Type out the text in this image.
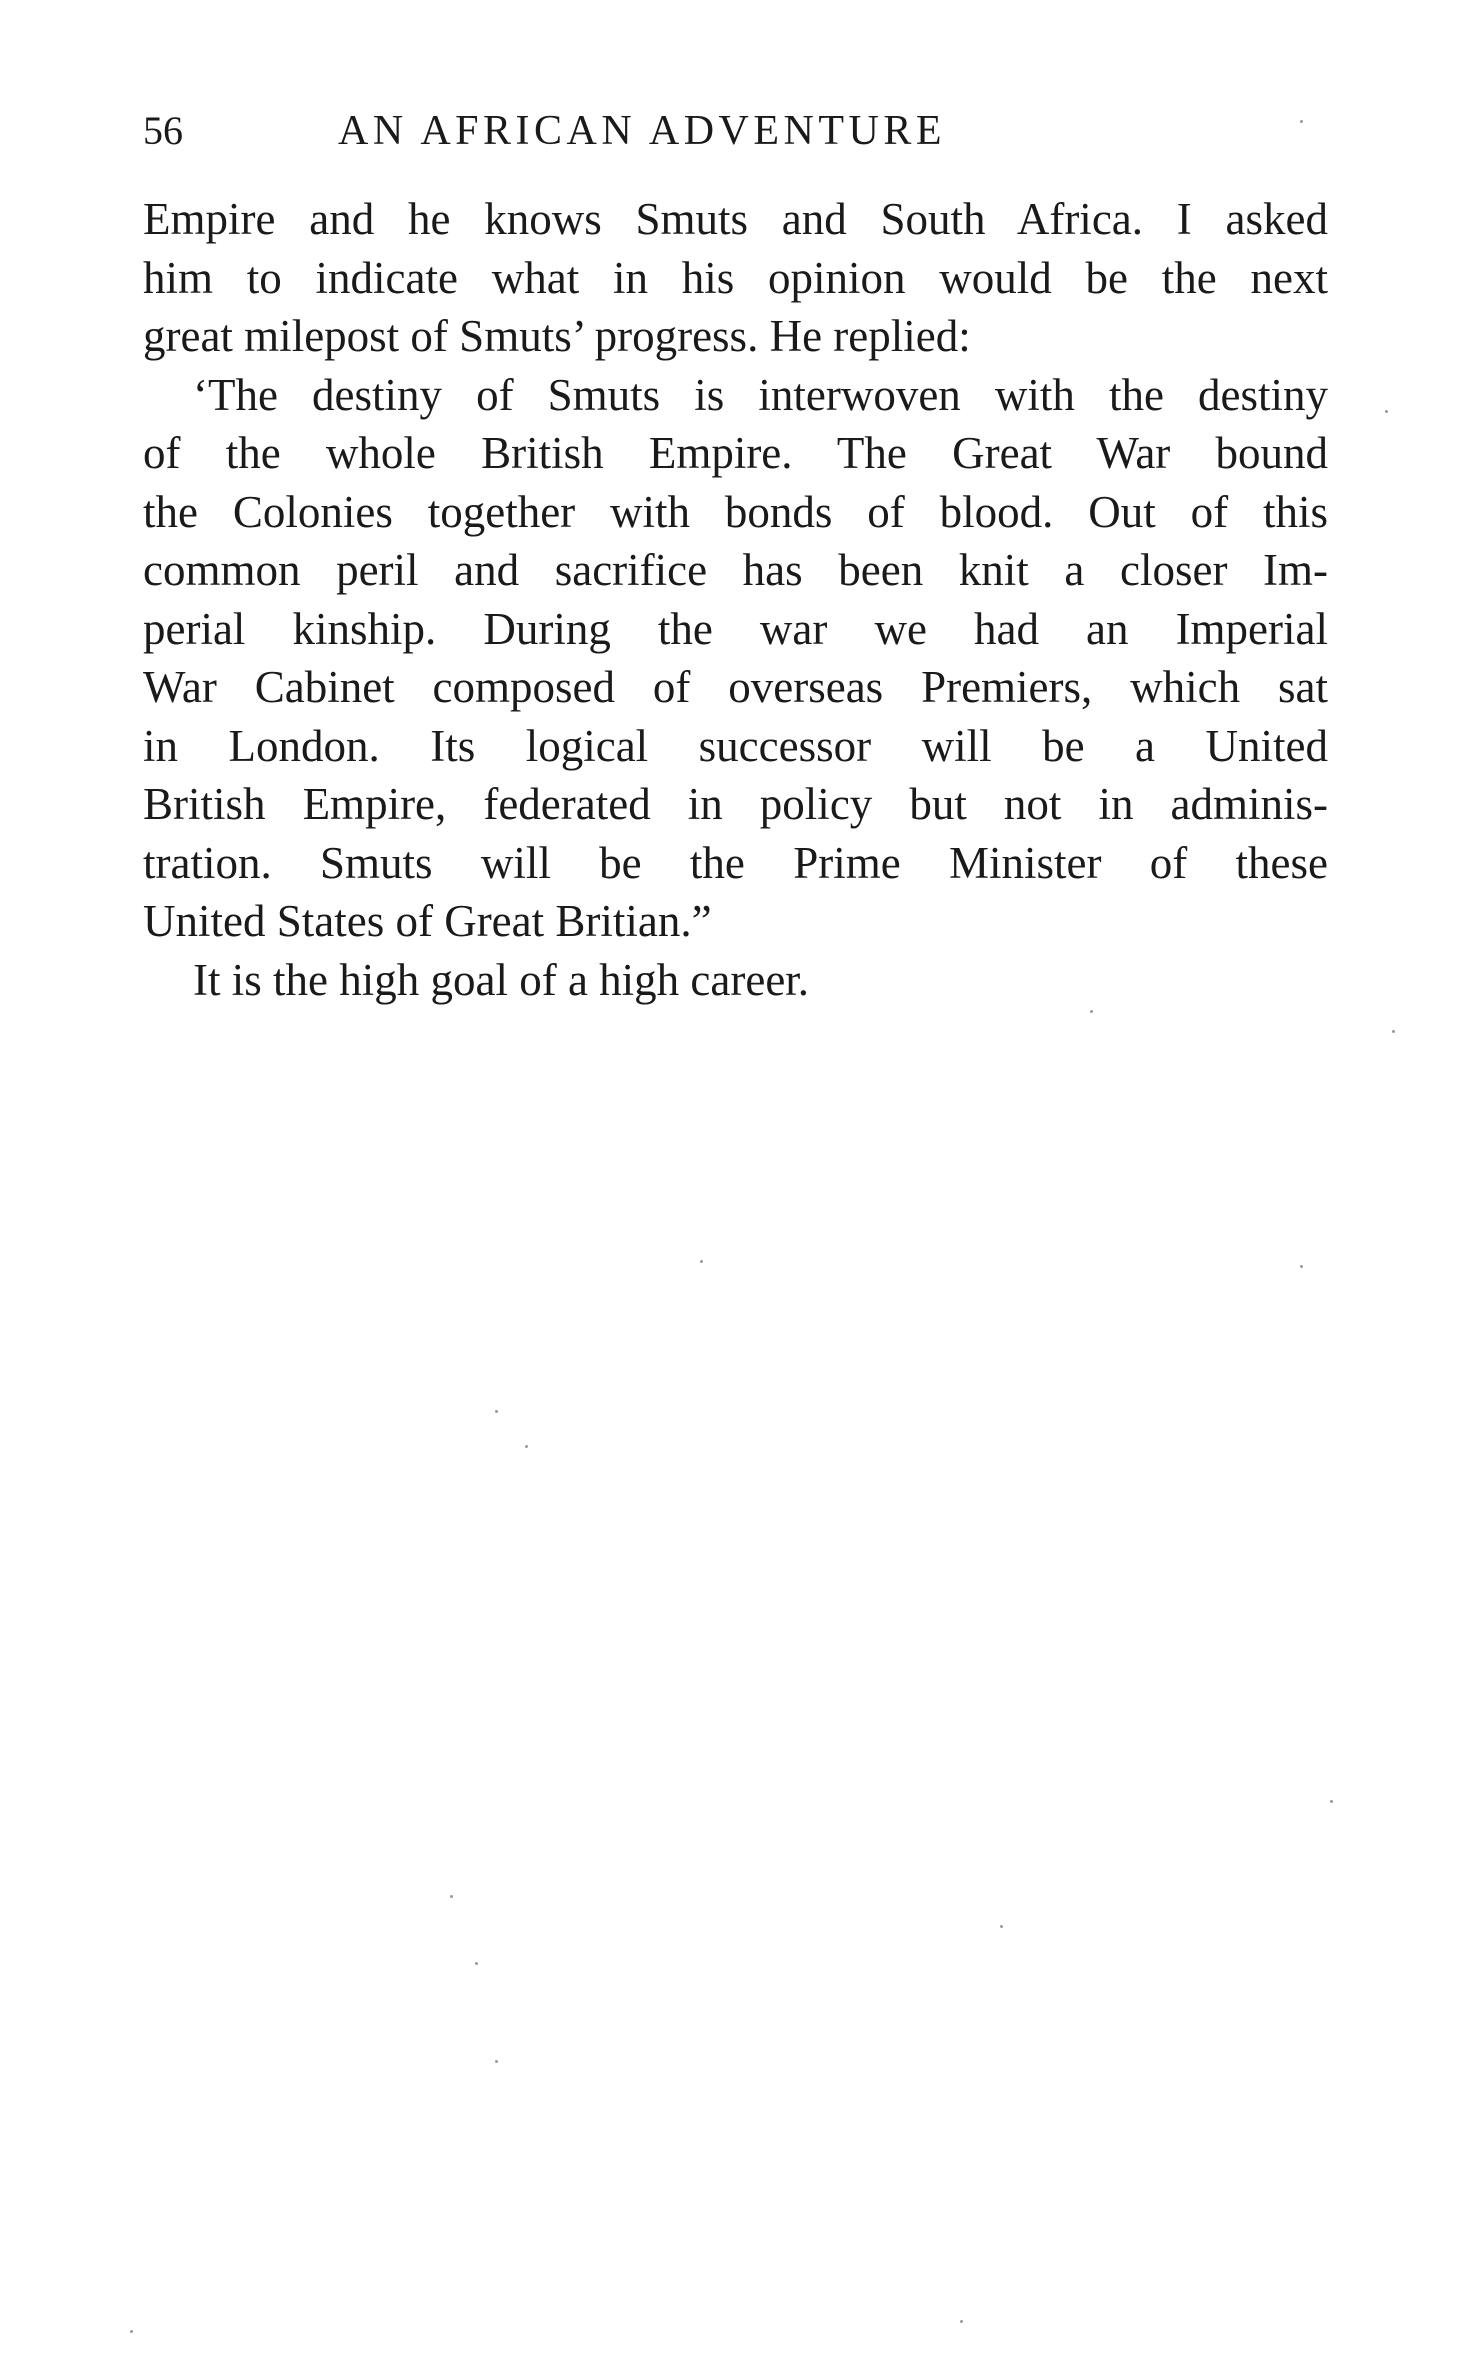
56	AN AFRICAN ADVENTURE
Empire and he knows Smuts and South Africa. I asked
him to indicate what in his opinion would be the next
great milepost of Smuts’ progress. He replied:
‘The destiny of Smuts is interwoven with the destiny
of the whole British Empire. The Great War bound
the Colonies together with bonds of blood. Out of this
common peril and sacrifice has been knit a closer Im-
perial kinship. During the war we had an Imperial
War Cabinet composed of overseas Premiers, which sat
in London. Its logical successor will be a United
British Empire, federated in policy but not in adminis-
tration. Smuts will be the Prime Minister of these
United States of Great Britian.”
It is the high goal of a high career.
